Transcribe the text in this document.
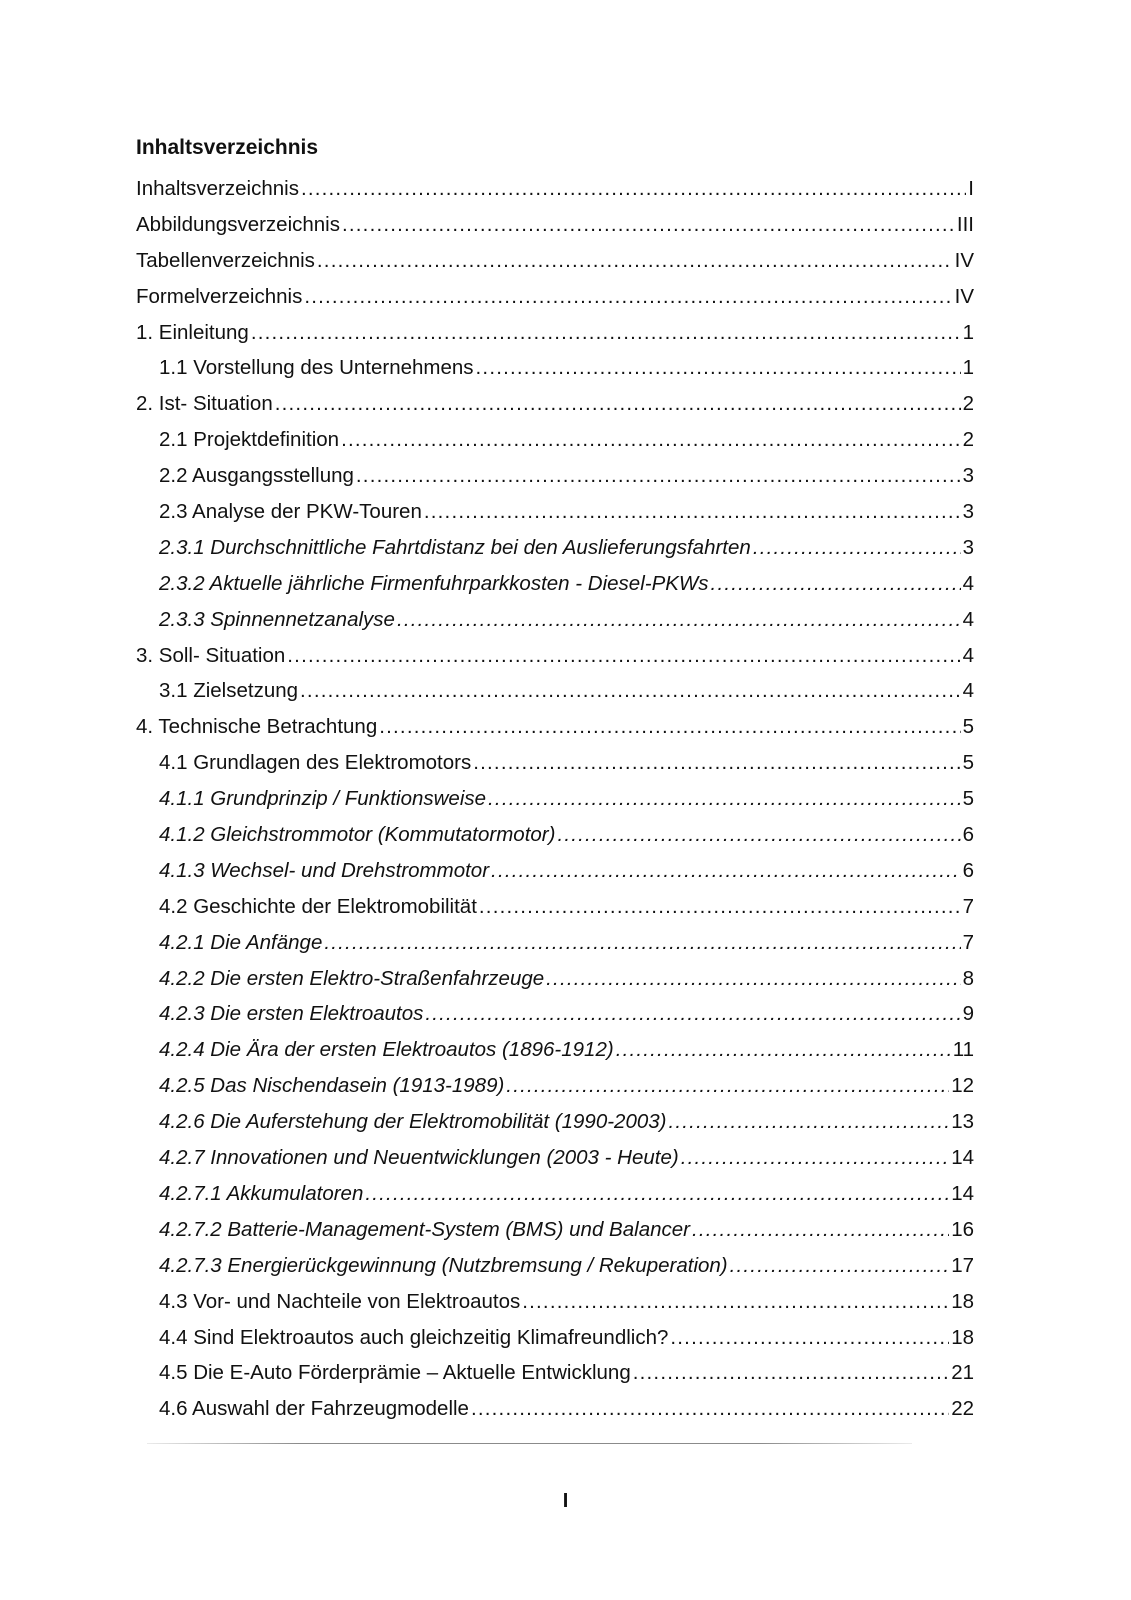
Inhaltsverzeichnis
Inhaltsverzeichnis .....	I
Abbildungsverzeichnis .....	III
Tabellenverzeichnis .....	IV
Formelverzeichnis .....	IV
1. Einleitung .....	1
1.1 Vorstellung des Unternehmens .....	1
2. Ist- Situation .....	2
2.1 Projektdefinition .....	2
2.2 Ausgangsstellung .....	3
2.3 Analyse der PKW-Touren .....	3
2.3.1 Durchschnittliche Fahrtdistanz bei den Auslieferungsfahrten .....	3
2.3.2 Aktuelle jährliche Firmenfuhrparkkosten - Diesel-PKWs .....	4
2.3.3 Spinnennetzanalyse .....	4
3. Soll- Situation .....	4
3.1 Zielsetzung .....	4
4. Technische Betrachtung .....	5
4.1 Grundlagen des Elektromotors .....	5
4.1.1 Grundprinzip / Funktionsweise .....	5
4.1.2 Gleichstrommotor (Kommutatormotor) .....	6
4.1.3 Wechsel- und Drehstrommotor .....	6
4.2 Geschichte der Elektromobilität .....	7
4.2.1 Die Anfänge .....	7
4.2.2 Die ersten Elektro-Straßenfahrzeuge .....	8
4.2.3 Die ersten Elektroautos .....	9
4.2.4 Die Ära der ersten Elektroautos (1896-1912) .....	11
4.2.5 Das Nischendasein (1913-1989) .....	12
4.2.6 Die Auferstehung der Elektromobilität (1990-2003) .....	13
4.2.7 Innovationen und Neuentwicklungen (2003 - Heute) .....	14
4.2.7.1 Akkumulatoren .....	14
4.2.7.2 Batterie-Management-System (BMS) und Balancer .....	16
4.2.7.3 Energierückgewinnung (Nutzbremsung / Rekuperation) .....	17
4.3 Vor- und Nachteile von Elektroautos .....	18
4.4 Sind Elektroautos auch gleichzeitig Klimafreundlich? .....	18
4.5 Die E-Auto Förderprämie – Aktuelle Entwicklung .....	21
4.6 Auswahl der Fahrzeugmodelle .....	22
I
